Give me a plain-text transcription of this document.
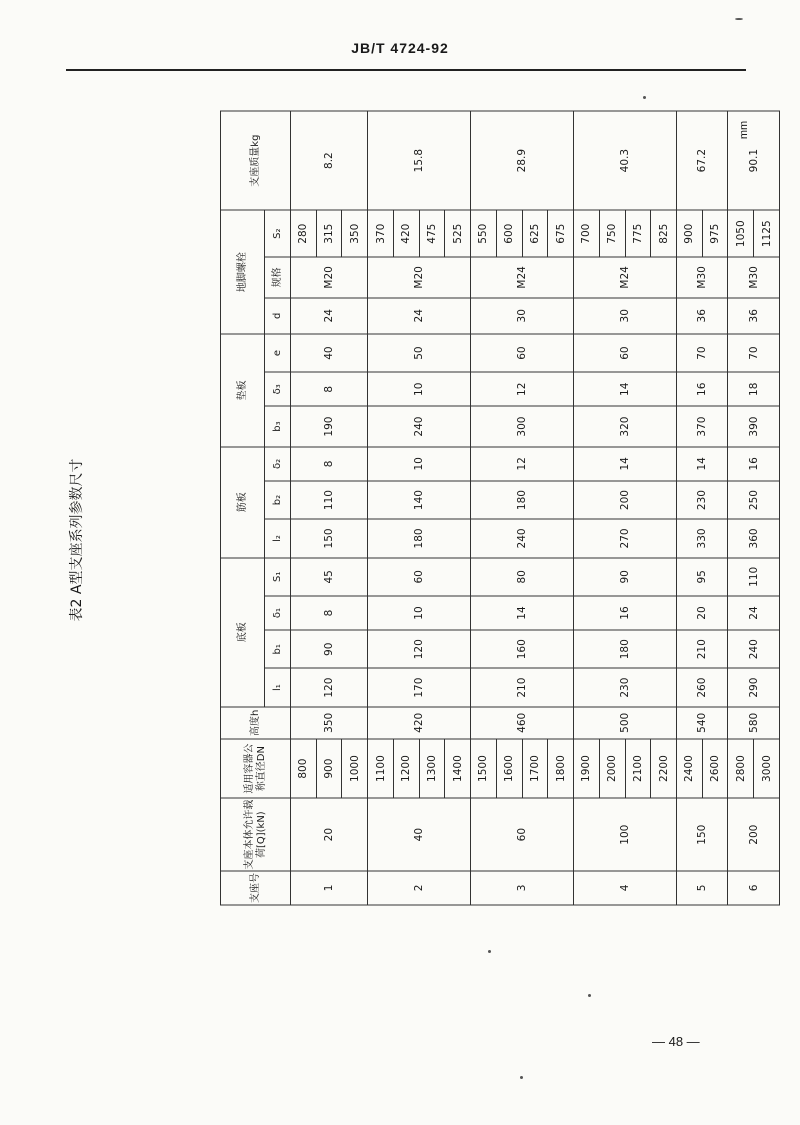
JB/T 4724-92
表2 A型支座系列参数尺寸
mm
支座号	支座本体允许载荷[Q](kN)	适用容器公称直径DN	高度h	底板				筋板			垫板			地脚螺栓			支座质量kg
				l₁	b₁	δ₁	S₁	l₂	b₂	δ₂	b₃	δ₃	e	d	规格	S₂	
1	20	800	350	120	90	8	45	150	110	8	190	8	40	24	M20	280	8.2
		900														315	
		1000														350	
2	40	1100	420	170	120	10	60	180	140	10	240	10	50	24	M20	370	15.8
		1200														420	
		1300														475	
		1400														525	
3	60	1500	460	210	160	14	80	240	180	12	300	12	60	30	M24	550	28.9
		1600														600	
		1700														625	
		1800														675	
4	100	1900	500	230	180	16	90	270	200	14	320	14	60	30	M24	700	40.3
		2000														750	
		2100														775	
		2200														825	
5	150	2400	540	260	210	20	95	330	230	14	370	16	70	36	M30	900	67.2
		2600														975	
6	200	2800	580	290	240	24	110	360	250	16	390	18	70	36	M30	1050	90.1
		3000														1125	
— 48 —
